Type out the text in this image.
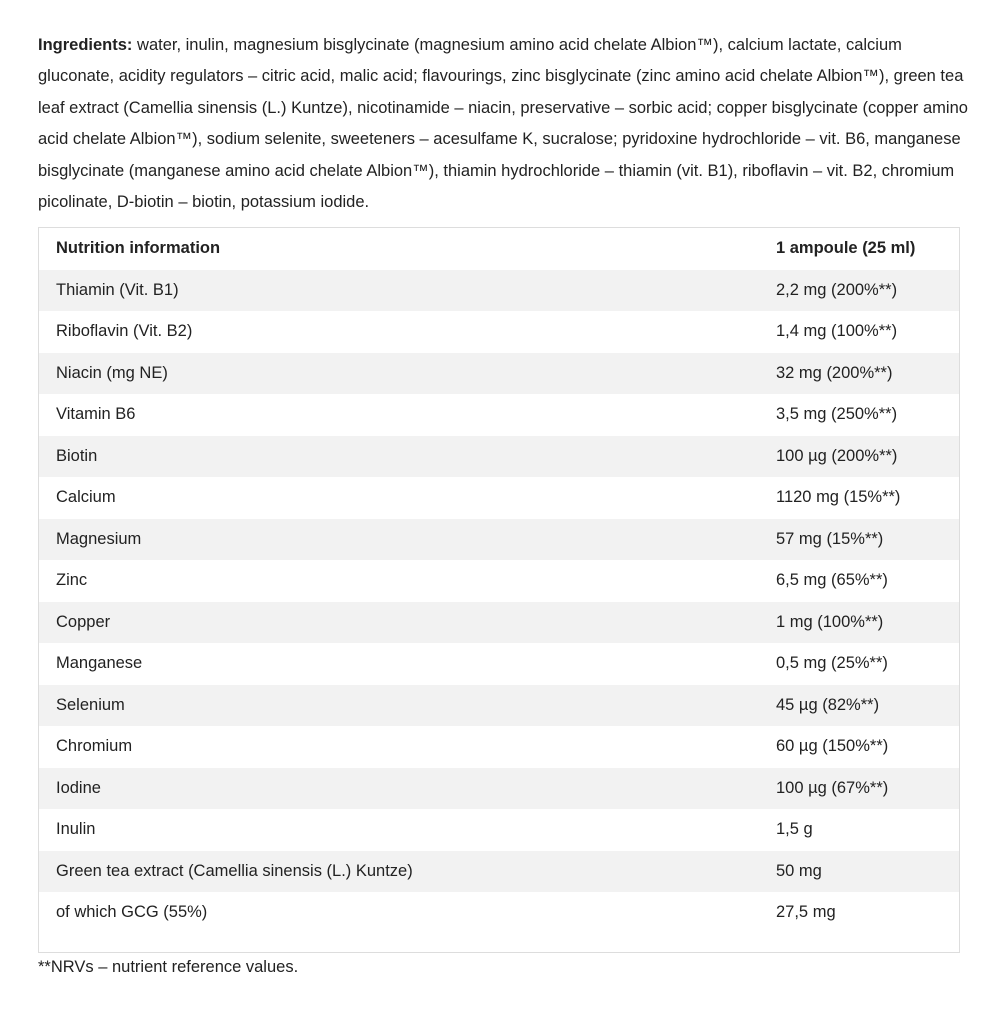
Ingredients: water, inulin, magnesium bisglycinate (magnesium amino acid chelate Albion™), calcium lactate, calcium gluconate, acidity regulators – citric acid, malic acid; flavourings, zinc bisglycinate (zinc amino acid chelate Albion™), green tea leaf extract (Camellia sinensis (L.) Kuntze), nicotinamide – niacin, preservative – sorbic acid; copper bisglycinate (copper amino acid chelate Albion™), sodium selenite, sweeteners – acesulfame K, sucralose; pyridoxine hydrochloride – vit. B6, manganese bisglycinate (manganese amino acid chelate Albion™), thiamin hydrochloride – thiamin (vit. B1), riboflavin – vit. B2, chromium picolinate, D-biotin – biotin, potassium iodide.

Nutrition information	1 ampoule (25 ml)
Thiamin (Vit. B1)	2,2 mg (200%**)
Riboflavin (Vit. B2)	1,4 mg (100%**)
Niacin (mg NE)	32 mg (200%**)
Vitamin B6	3,5 mg (250%**)
Biotin	100 µg (200%**)
Calcium	1120 mg (15%**)
Magnesium	57 mg (15%**)
Zinc	6,5 mg (65%**)
Copper	1 mg (100%**)
Manganese	0,5 mg (25%**)
Selenium	45 µg (82%**)
Chromium	60 µg (150%**)
Iodine	100 µg (67%**)
Inulin	1,5 g
Green tea extract (Camellia sinensis (L.) Kuntze)	50 mg
of which GCG (55%)	27,5 mg
**NRVs – nutrient reference values.
